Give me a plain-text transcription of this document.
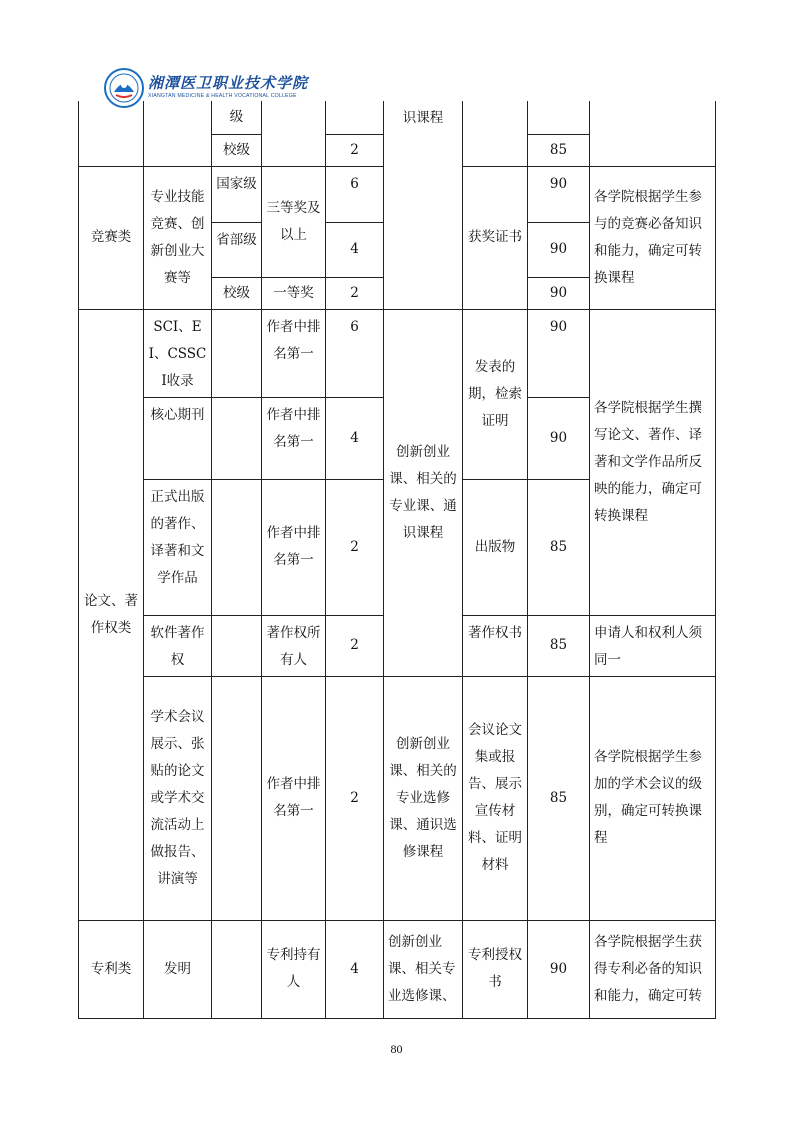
湘潭医卫职业技术学院
XIANGTAN MEDICINE & HEALTH VOCATIONAL COLLEGE
		级			识课程			
		校级		2			85	
竞赛类	专业技能竞赛、创新创业大赛等	国家级	三等奖及以上	6		获奖证书	90	各学院根据学生参与的竞赛必备知识和能力，确定可转换课程
		省部级		4			90	
		校级	一等奖	2			90	
论文、著作权类	SCI、EI、CSSCI收录		作者中排名第一	6	创新创业课、相关的专业课、通识课程	发表的期，检索证明	90	各学院根据学生撰写论文、著作、译著和文学作品所反映的能力，确定可转换课程
	核心期刊		作者中排名第一	4			90	
	正式出版的著作、译著和文学作品		作者中排名第一	2		出版物	85	
	软件著作权		著作权所有人	2		著作权书	85	申请人和权利人须同一
	学术会议展示、张贴的论文或学术交流活动上做报告、讲演等		作者中排名第一	2	创新创业课、相关的专业选修课、通识选修课程	会议论文集或报告、展示宣传材料、证明材料	85	各学院根据学生参加的学术会议的级别，确定可转换课程
专利类	发明		专利持有人	4	创新创业课、相关专业选修课、	专利授权书	90	各学院根据学生获得专利必备的知识和能力，确定可转
80
